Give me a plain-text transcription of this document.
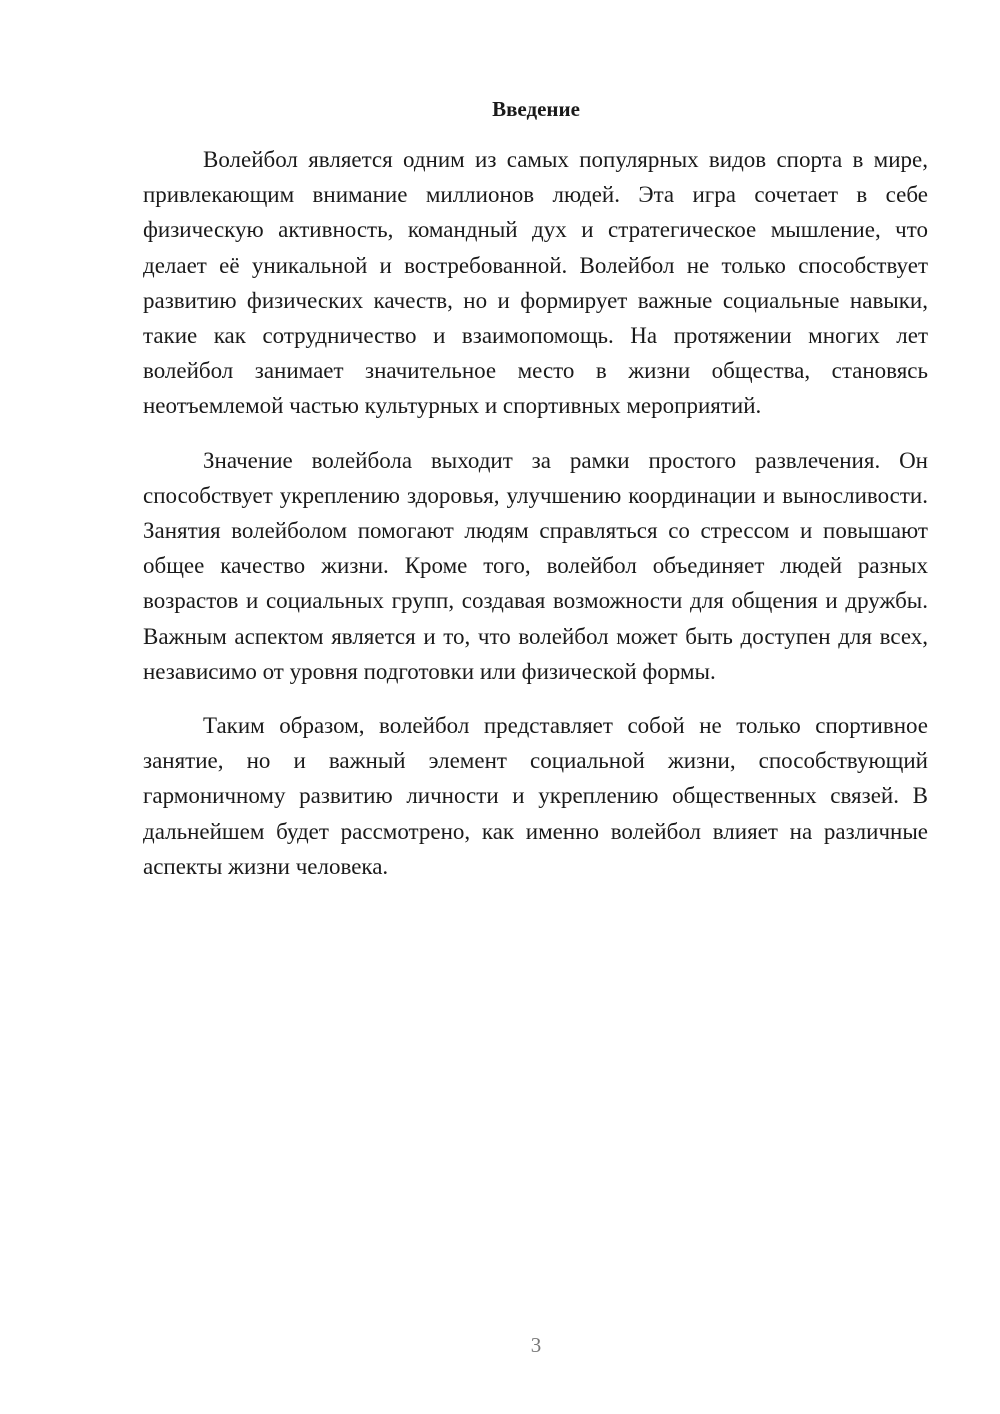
Введение

Волейбол является одним из самых популярных видов спорта в мире, привлекающим внимание миллионов людей. Эта игра сочетает в себе физическую активность, командный дух и стратегическое мышление, что делает её уникальной и востребованной. Волейбол не только способствует развитию физических качеств, но и формирует важные социальные навыки, такие как сотрудничество и взаимопомощь. На протяжении многих лет волейбол занимает значительное место в жизни общества, становясь неотъемлемой частью культурных и спортивных мероприятий.

Значение волейбола выходит за рамки простого развлечения. Он способствует укреплению здоровья, улучшению координации и выносливости. Занятия волейболом помогают людям справляться со стрессом и повышают общее качество жизни. Кроме того, волейбол объединяет людей разных возрастов и социальных групп, создавая возможности для общения и дружбы. Важным аспектом является и то, что волейбол может быть доступен для всех, независимо от уровня подготовки или физической формы.

Таким образом, волейбол представляет собой не только спортивное занятие, но и важный элемент социальной жизни, способствующий гармоничному развитию личности и укреплению общественных связей. В дальнейшем будет рассмотрено, как именно волейбол влияет на различные аспекты жизни человека.

3
